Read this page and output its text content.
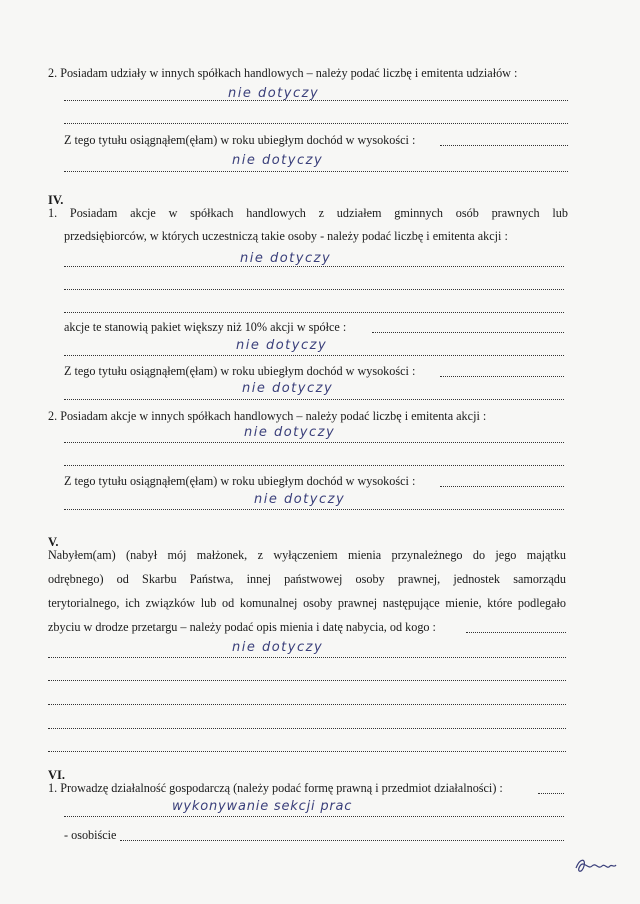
2. Posiadam udziały w innych spółkach handlowych – należy podać liczbę i emitenta udziałów :
nie dotyczy
Z tego tytułu osiągnąłem(ęłam) w roku ubiegłym dochód w wysokości :
nie dotyczy
IV.
1. Posiadam akcje w spółkach handlowych z udziałem gminnych osób prawnych lub
przedsiębiorców, w których uczestniczą takie osoby - należy podać liczbę i emitenta akcji :
nie dotyczy
akcje te stanowią pakiet większy niż 10% akcji w spółce :
nie dotyczy
Z tego tytułu osiągnąłem(ęłam) w roku ubiegłym dochód w wysokości :
nie dotyczy
2. Posiadam akcje w innych spółkach handlowych – należy podać liczbę i emitenta akcji :
nie dotyczy
Z tego tytułu osiągnąłem(ęłam) w roku ubiegłym dochód w wysokości :
nie dotyczy
V.
Nabyłem(am) (nabył mój małżonek, z wyłączeniem mienia przynależnego do jego majątku
odrębnego) od Skarbu Państwa, innej państwowej osoby prawnej, jednostek samorządu
terytorialnego, ich związków lub od komunalnej osoby prawnej następujące mienie, które podlegało
zbyciu w drodze przetargu – należy podać opis mienia i datę nabycia, od kogo :
nie dotyczy
VI.
1. Prowadzę działalność gospodarczą (należy podać formę prawną i przedmiot działalności) :
wykonywanie sekcji prac
- osobiście
